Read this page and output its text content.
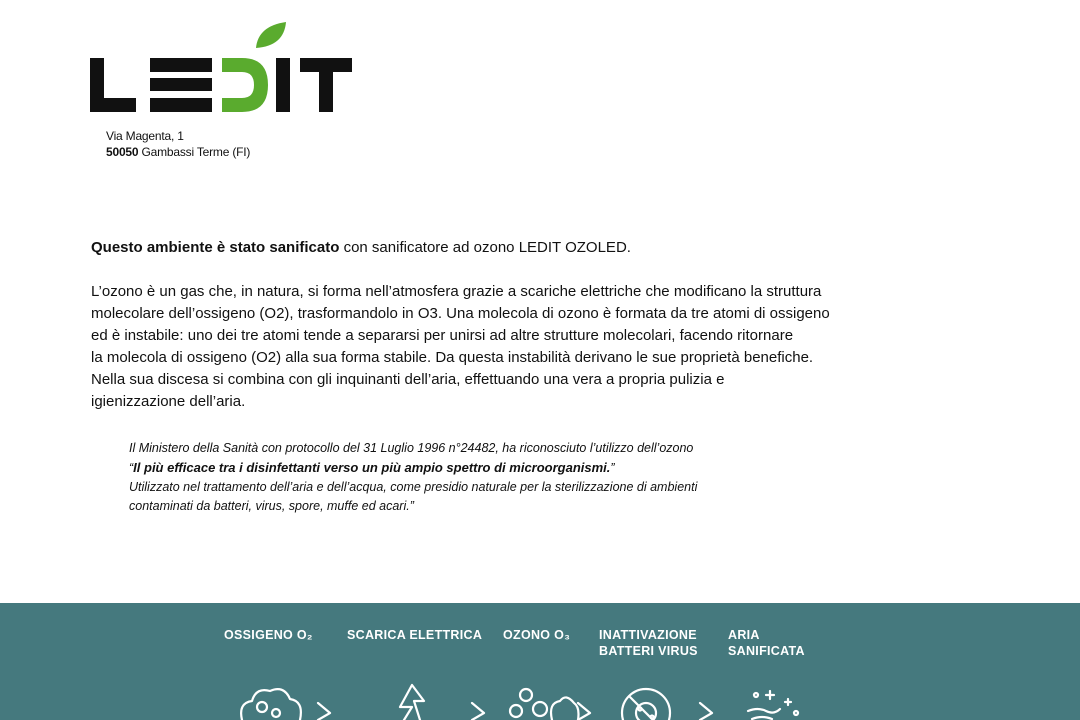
Via Magenta, 1
50050 Gambassi Terme (FI)
Questo ambiente è stato sanificato con sanificatore ad ozono LEDIT OZOLED.
L’ozono è un gas che, in natura, si forma nell’atmosfera grazie a scariche elettriche che modificano la struttura
molecolare dell’ossigeno (O2), trasformandolo in O3. Una molecola di ozono è formata da tre atomi di ossigeno
ed è instabile: uno dei tre atomi tende a separarsi per unirsi ad altre strutture molecolari, facendo ritornare
la molecola di ossigeno (O2) alla sua forma stabile. Da questa instabilità derivano le sue proprietà benefiche.
Nella sua discesa si combina con gli inquinanti dell’aria, effettuando una vera a propria pulizia e
igienizzazione dell’aria.
Il Ministero della Sanità con protocollo del 31 Luglio 1996 n°24482, ha riconosciuto l’utilizzo dell’ozono
“Il più efficace tra i disinfettanti verso un più ampio spettro di microorganismi.”
Utilizzato nel trattamento dell’aria e dell’acqua, come presidio naturale per la sterilizzazione di ambienti
contaminati da batteri, virus, spore, muffe ed acari.”
OSSIGENO O₂	SCARICA ELETTRICA OZONO O₃ INATTIVAZIONE
BATTERI VIRUS
ARIA
SANIFICATA
